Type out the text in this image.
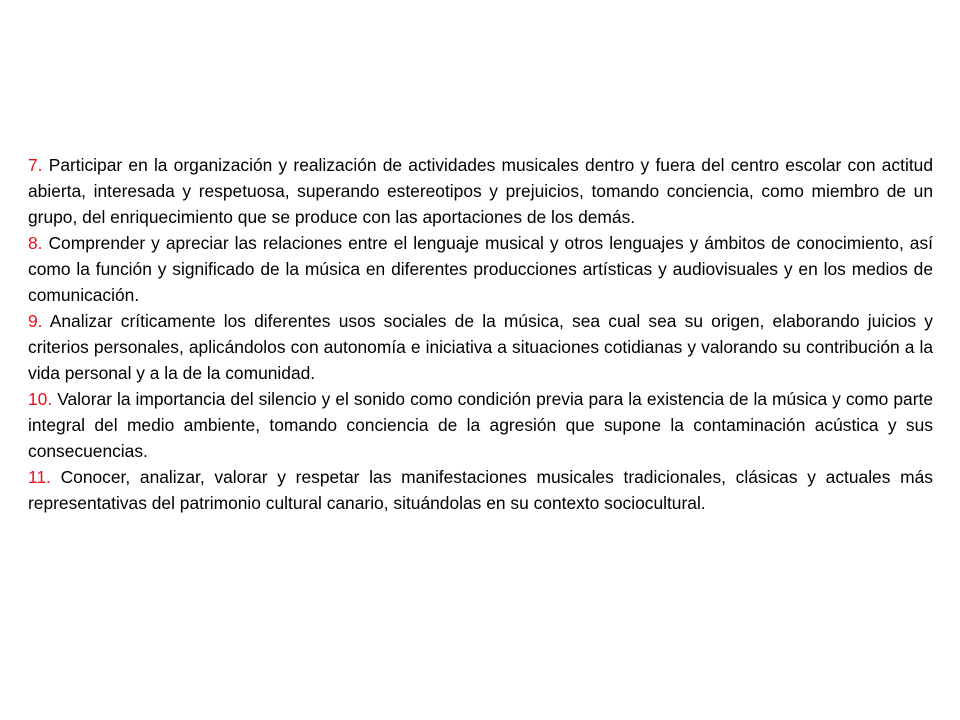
7. Participar en la organización y realización de actividades musicales dentro y fuera del centro escolar con actitud abierta, interesada y respetuosa, superando estereotipos y prejuicios, tomando conciencia, como miembro de un grupo, del enriquecimiento que se produce con las aportaciones de los demás.

8. Comprender y apreciar las relaciones entre el lenguaje musical y otros lenguajes y ámbitos de conocimiento, así como la función y significado de la música en diferentes producciones artísticas y audiovisuales y en los medios de comunicación.

9. Analizar críticamente los diferentes usos sociales de la música, sea cual sea su origen, elaborando juicios y criterios personales, aplicándolos con autonomía e iniciativa a situaciones cotidianas y valorando su contribución a la vida personal y a la de la comunidad.

10. Valorar la importancia del silencio y el sonido como condición previa para la existencia de la música y como parte integral del medio ambiente, tomando conciencia de la agresión que supone la contaminación acústica y sus consecuencias.

11. Conocer, analizar, valorar y respetar las manifestaciones musicales tradicionales, clásicas y actuales más representativas del patrimonio cultural canario, situándolas en su contexto sociocultural.
